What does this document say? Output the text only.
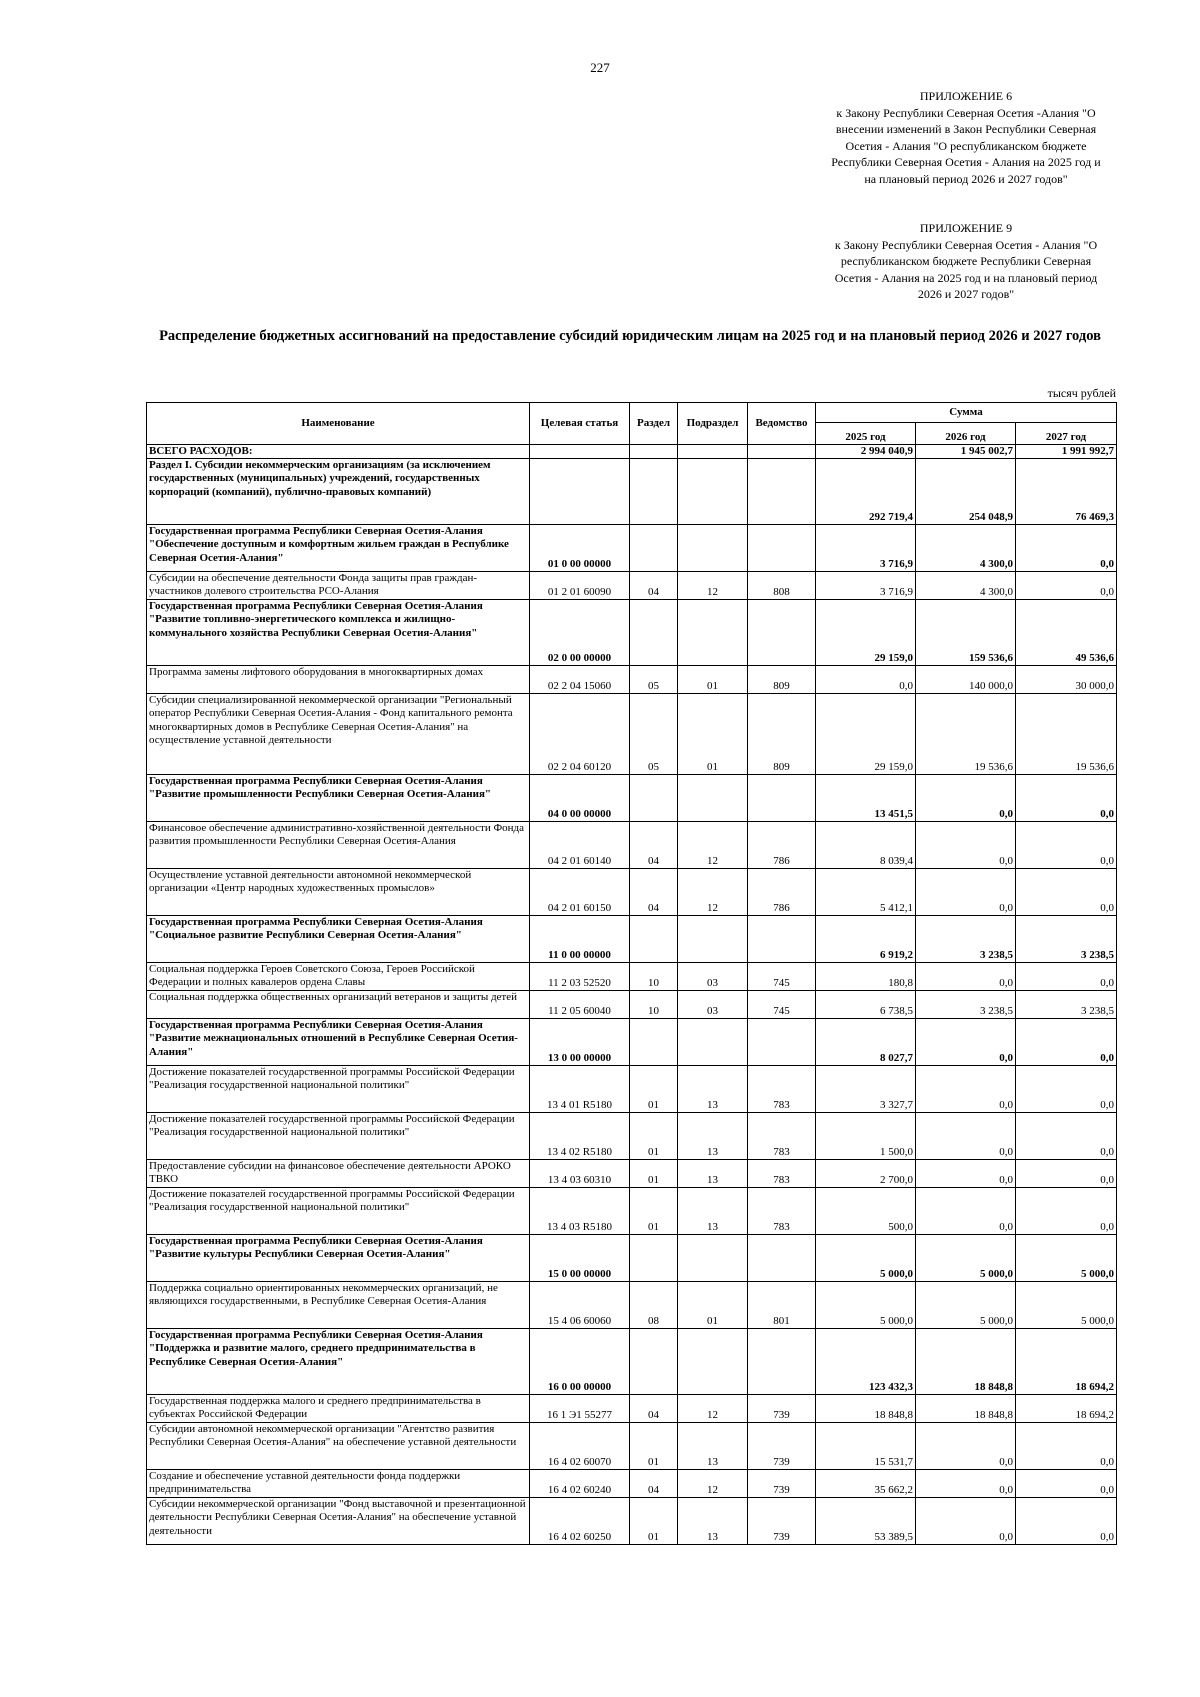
227
ПРИЛОЖЕНИЕ 6
к Закону Республики Северная Осетия -Алания "О внесении изменений в Закон Республики Северная Осетия - Алания "О республиканском бюджете Республики Северная Осетия - Алания на 2025 год и на плановый период 2026 и 2027 годов"
ПРИЛОЖЕНИЕ 9
к Закону Республики Северная Осетия - Алания "О республиканском бюджете Республики Северная Осетия - Алания на 2025 год и на плановый период 2026 и 2027 годов"
Распределение бюджетных ассигнований на предоставление субсидий юридическим лицам на 2025 год и на плановый период 2026 и 2027 годов
тысяч рублей
Наименование	Целевая статья	Раздел	Подраздел	Ведомство	Сумма		
					2025 год	2026 год	2027 год
ВСЕГО РАСХОДОВ:					2 994 040,9	1 945 002,7	1 991 992,7
Раздел I. Субсидии некоммерческим организациям (за исключением государственных (муниципальных) учреждений, государственных корпораций (компаний), публично-правовых компаний)					292 719,4	254 048,9	76 469,3
Государственная программа Республики Северная Осетия-Алания "Обеспечение доступным и комфортным жильем граждан в Республике Северная Осетия-Алания"	01 0 00 00000				3 716,9	4 300,0	0,0
Субсидии на обеспечение деятельности Фонда защиты прав граждан-участников долевого строительства РСО-Алания	01 2 01 60090	04	12	808	3 716,9	4 300,0	0,0
Государственная программа Республики Северная Осетия-Алания "Развитие топливно-энергетического комплекса и жилищно-коммунального хозяйства Республики Северная Осетия-Алания"	02 0 00 00000				29 159,0	159 536,6	49 536,6
Программа замены лифтового оборудования в многоквартирных домах	02 2 04 15060	05	01	809	0,0	140 000,0	30 000,0
Субсидии специализированной некоммерческой организации "Региональный оператор Республики Северная Осетия-Алания - Фонд капитального ремонта многоквартирных домов в Республике Северная Осетия-Алания" на осуществление уставной деятельности	02 2 04 60120	05	01	809	29 159,0	19 536,6	19 536,6
Государственная программа Республики Северная Осетия-Алания "Развитие промышленности Республики Северная Осетия-Алания"	04 0 00 00000				13 451,5	0,0	0,0
Финансовое обеспечение административно-хозяйственной деятельности Фонда развития промышленности Республики Северная Осетия-Алания	04 2 01 60140	04	12	786	8 039,4	0,0	0,0
Осуществление уставной деятельности автономной некоммерческой организации «Центр народных художественных промыслов»	04 2 01 60150	04	12	786	5 412,1	0,0	0,0
Государственная программа Республики Северная Осетия-Алания "Социальное развитие Республики Северная Осетия-Алания"	11 0 00 00000				6 919,2	3 238,5	3 238,5
Социальная поддержка Героев Советского Союза, Героев Российской Федерации и полных кавалеров ордена Славы	11 2 03 52520	10	03	745	180,8	0,0	0,0
Социальная поддержка общественных организаций ветеранов и защиты детей	11 2 05 60040	10	03	745	6 738,5	3 238,5	3 238,5
Государственная программа Республики Северная Осетия-Алания "Развитие межнациональных отношений в Республике Северная Осетия-Алания"	13 0 00 00000				8 027,7	0,0	0,0
Достижение показателей государственной программы Российской Федерации "Реализация государственной национальной политики"	13 4 01 R5180	01	13	783	3 327,7	0,0	0,0
Достижение показателей государственной программы Российской Федерации "Реализация государственной национальной политики"	13 4 02 R5180	01	13	783	1 500,0	0,0	0,0
Предоставление субсидии на финансовое обеспечение деятельности АРОКО ТВКО	13 4 03 60310	01	13	783	2 700,0	0,0	0,0
Достижение показателей государственной программы Российской Федерации "Реализация государственной национальной политики"	13 4 03 R5180	01	13	783	500,0	0,0	0,0
Государственная программа Республики Северная Осетия-Алания "Развитие культуры Республики Северная Осетия-Алания"	15 0 00 00000				5 000,0	5 000,0	5 000,0
Поддержка социально ориентированных некоммерческих организаций, не являющихся государственными, в Республике Северная Осетия-Алания	15 4 06 60060	08	01	801	5 000,0	5 000,0	5 000,0
Государственная программа Республики Северная Осетия-Алания "Поддержка и развитие малого, среднего предпринимательства в Республике Северная Осетия-Алания"	16 0 00 00000				123 432,3	18 848,8	18 694,2
Государственная поддержка малого и среднего предпринимательства в субъектах Российской Федерации	16 1 Э1 55277	04	12	739	18 848,8	18 848,8	18 694,2
Субсидии автономной некоммерческой организации "Агентство развития Республики Северная Осетия-Алания" на обеспечение уставной деятельности	16 4 02 60070	01	13	739	15 531,7	0,0	0,0
Создание и обеспечение уставной деятельности фонда поддержки предпринимательства	16 4 02 60240	04	12	739	35 662,2	0,0	0,0
Субсидии некоммерческой организации "Фонд выставочной и презентационной деятельности Республики Северная Осетия-Алания" на обеспечение уставной деятельности	16 4 02 60250	01	13	739	53 389,5	0,0	0,0
